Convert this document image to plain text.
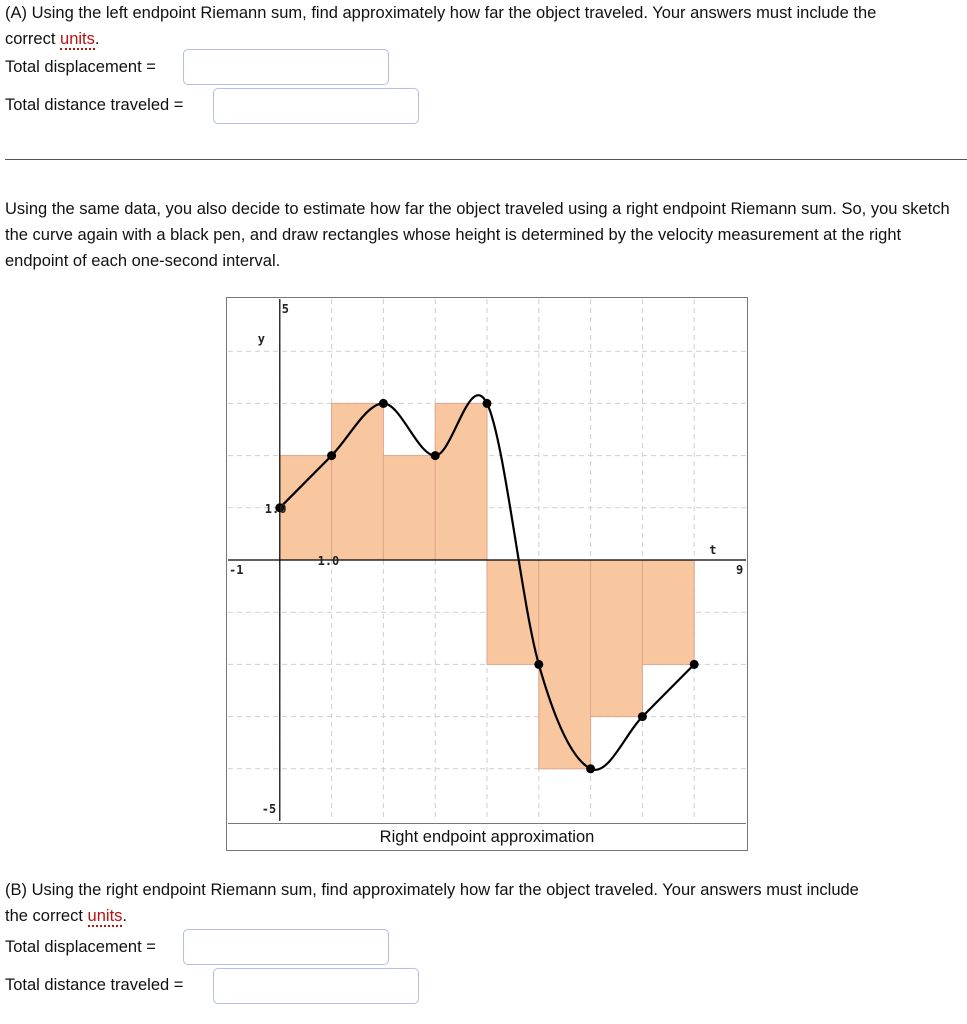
(A) Using the left endpoint Riemann sum, find approximately how far the object traveled. Your answers must include the

correct units.

Total displacement =
Total distance traveled =

Using the same data, you also decide to estimate how far the object traveled using a right endpoint Riemann sum. So, you sketch the curve again with a black pen, and draw rectangles whose height is determined by the velocity measurement at the right endpoint of each one-second interval.

5
y
1.0
-1
1.0
t
9
-5
Right endpoint approximation

(B) Using the right endpoint Riemann sum, find approximately how far the object traveled. Your answers must include

the correct units.

Total displacement =
Total distance traveled =
